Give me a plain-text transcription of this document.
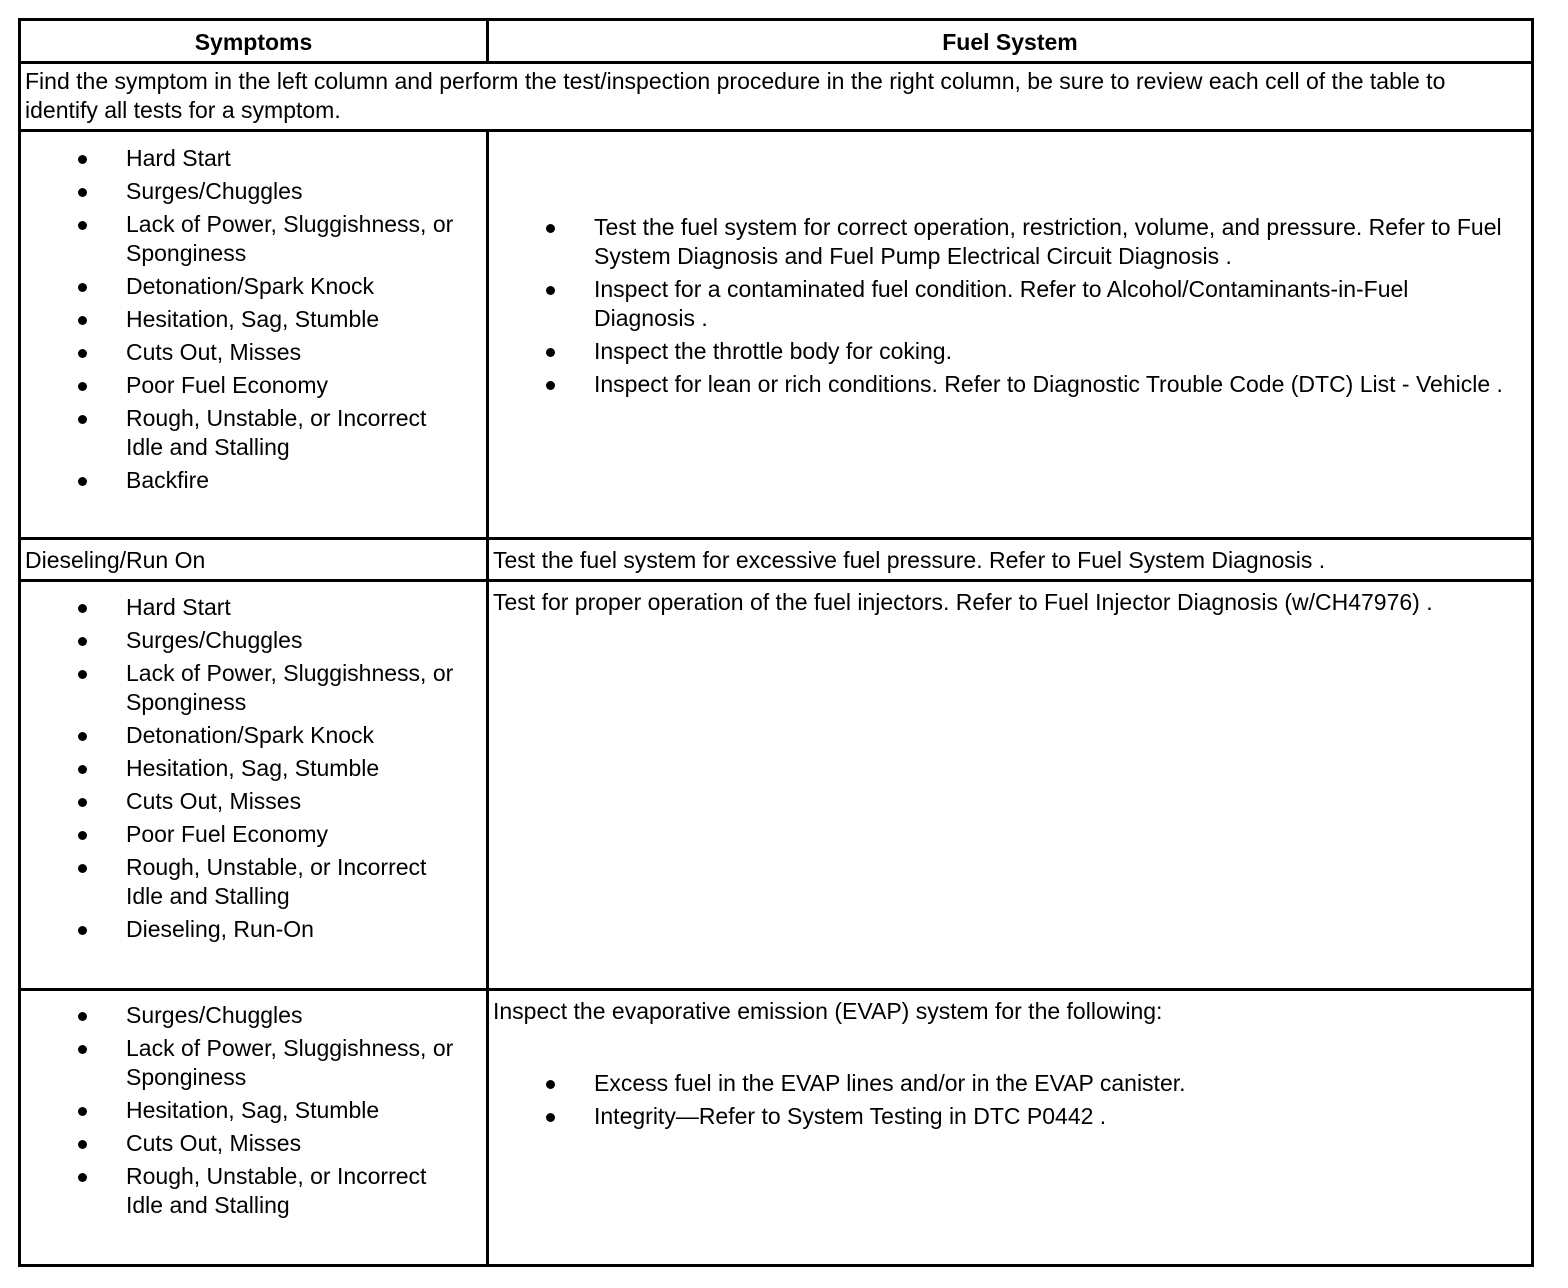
Symptoms	Fuel System
Find the symptom in the left column and perform the test/inspection procedure in the right column, be sure to review each cell of the table to identify all tests for a symptom.
Hard Start
Surges/Chuggles
Lack of Power, Sluggishness, or Sponginess
Detonation/Spark Knock
Hesitation, Sag, Stumble
Cuts Out, Misses
Poor Fuel Economy
Rough, Unstable, or Incorrect Idle and Stalling
Backfire
Test the fuel system for correct operation, restriction, volume, and pressure. Refer to Fuel System Diagnosis and Fuel Pump Electrical Circuit Diagnosis .
Inspect for a contaminated fuel condition. Refer to Alcohol/Contaminants-in-Fuel Diagnosis .
Inspect the throttle body for coking.
Inspect for lean or rich conditions. Refer to Diagnostic Trouble Code (DTC) List - Vehicle .
Dieseling/Run On	Test the fuel system for excessive fuel pressure. Refer to Fuel System Diagnosis .
Hard Start
Surges/Chuggles
Lack of Power, Sluggishness, or Sponginess
Detonation/Spark Knock
Hesitation, Sag, Stumble
Cuts Out, Misses
Poor Fuel Economy
Rough, Unstable, or Incorrect Idle and Stalling
Dieseling, Run-On
Test for proper operation of the fuel injectors. Refer to Fuel Injector Diagnosis (w/CH47976) .
Surges/Chuggles
Lack of Power, Sluggishness, or Sponginess
Hesitation, Sag, Stumble
Cuts Out, Misses
Rough, Unstable, or Incorrect Idle and Stalling
Inspect the evaporative emission (EVAP) system for the following:
Excess fuel in the EVAP lines and/or in the EVAP canister.
Integrity—Refer to System Testing in DTC P0442 .
